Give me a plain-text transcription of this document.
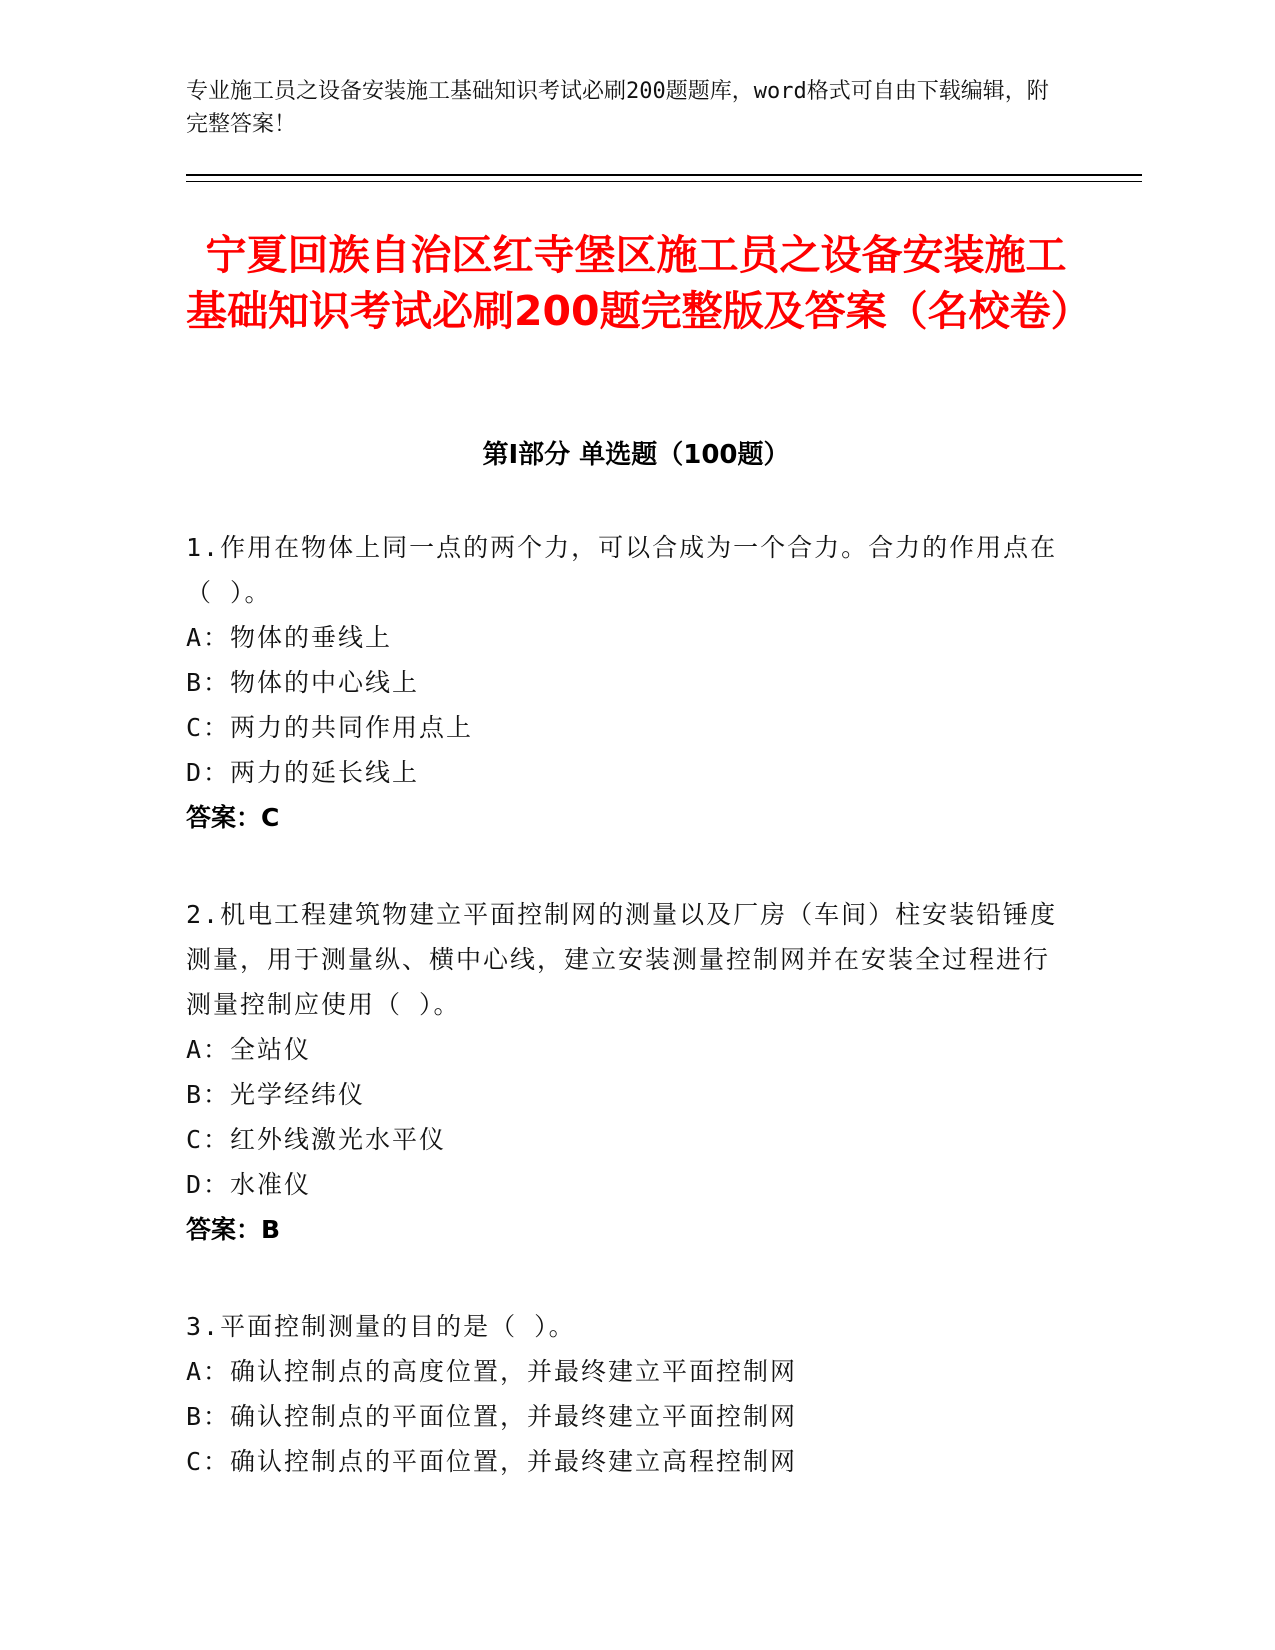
专业施工员之设备安装施工基础知识考试必刷200题题库，word格式可自由下载编辑，附完整答案！
宁夏回族自治区红寺堡区施工员之设备安装施工基础知识考试必刷200题完整版及答案（名校卷）
第Ⅰ部分 单选题（100题）
1.作用在物体上同一点的两个力，可以合成为一个合力。合力的作用点在（ ）。
A：物体的垂线上
B：物体的中心线上
C：两力的共同作用点上
D：两力的延长线上
答案：C
2.机电工程建筑物建立平面控制网的测量以及厂房（车间）柱安装铅锤度测量，用于测量纵、横中心线，建立安装测量控制网并在安装全过程进行测量控制应使用（ ）。
A：全站仪
B：光学经纬仪
C：红外线激光水平仪
D：水准仪
答案：B
3.平面控制测量的目的是（ ）。
A：确认控制点的高度位置，并最终建立平面控制网
B：确认控制点的平面位置，并最终建立平面控制网
C：确认控制点的平面位置，并最终建立高程控制网
